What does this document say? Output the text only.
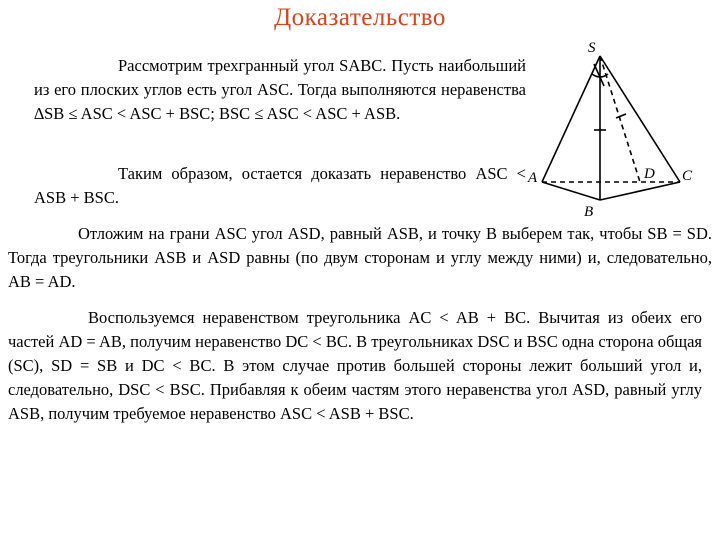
Доказательство

Рассмотрим трехгранный угол SABC. Пусть наибольший из его плоских углов есть угол ASC. Тогда выполняются неравенства ∆SB ≤ ASC < ASC + BSC; BSC ≤ ASC < ASC + ASB.

Таким образом, остается доказать неравенство ASC < ASB + BSC.

S
A
B
C
D

Отложим на грани ASC угол ASD, равный ASB, и точку B выберем так, чтобы SB = SD. Тогда треугольники ASB и ASD равны (по двум сторонам и углу между ними) и, следовательно, AB = AD.

Воспользуемся неравенством треугольника AC < AB + BC. Вычитая из обеих его частей AD = AB, получим неравенство DC < BC. В треугольниках DSC и BSC одна сторона общая (SC), SD = SB и DC < BC. В этом случае против большей стороны лежит больший угол и, следовательно, DSC < BSC. Прибавляя к обеим частям этого неравенства угол ASD, равный углу ASB, получим требуемое неравенство ASC < ASB + BSC.
